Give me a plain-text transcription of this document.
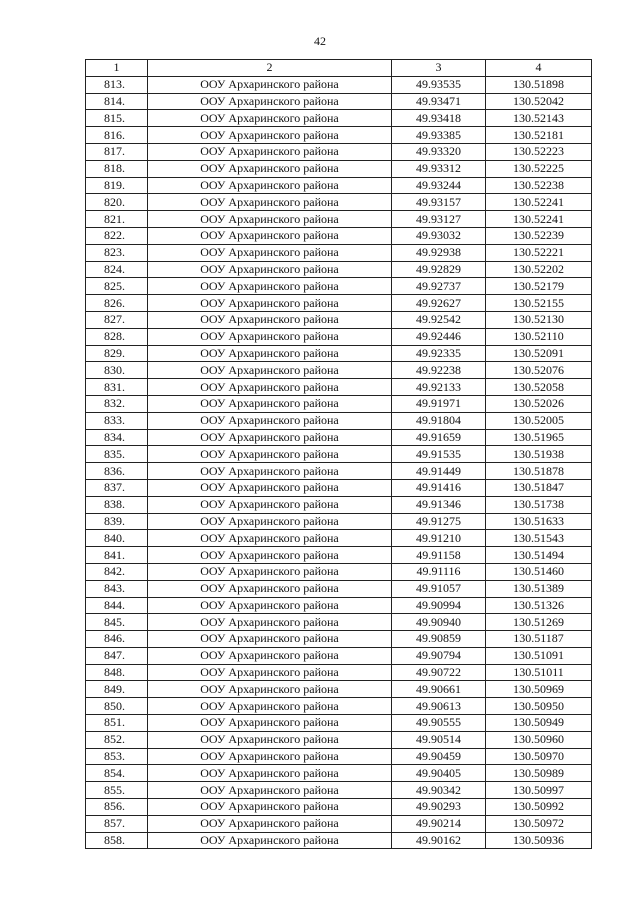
42
1	2	3	4
813.	ООУ Архаринского района	49.93535	130.51898
814.	ООУ Архаринского района	49.93471	130.52042
815.	ООУ Архаринского района	49.93418	130.52143
816.	ООУ Архаринского района	49.93385	130.52181
817.	ООУ Архаринского района	49.93320	130.52223
818.	ООУ Архаринского района	49.93312	130.52225
819.	ООУ Архаринского района	49.93244	130.52238
820.	ООУ Архаринского района	49.93157	130.52241
821.	ООУ Архаринского района	49.93127	130.52241
822.	ООУ Архаринского района	49.93032	130.52239
823.	ООУ Архаринского района	49.92938	130.52221
824.	ООУ Архаринского района	49.92829	130.52202
825.	ООУ Архаринского района	49.92737	130.52179
826.	ООУ Архаринского района	49.92627	130.52155
827.	ООУ Архаринского района	49.92542	130.52130
828.	ООУ Архаринского района	49.92446	130.52110
829.	ООУ Архаринского района	49.92335	130.52091
830.	ООУ Архаринского района	49.92238	130.52076
831.	ООУ Архаринского района	49.92133	130.52058
832.	ООУ Архаринского района	49.91971	130.52026
833.	ООУ Архаринского района	49.91804	130.52005
834.	ООУ Архаринского района	49.91659	130.51965
835.	ООУ Архаринского района	49.91535	130.51938
836.	ООУ Архаринского района	49.91449	130.51878
837.	ООУ Архаринского района	49.91416	130.51847
838.	ООУ Архаринского района	49.91346	130.51738
839.	ООУ Архаринского района	49.91275	130.51633
840.	ООУ Архаринского района	49.91210	130.51543
841.	ООУ Архаринского района	49.91158	130.51494
842.	ООУ Архаринского района	49.91116	130.51460
843.	ООУ Архаринского района	49.91057	130.51389
844.	ООУ Архаринского района	49.90994	130.51326
845.	ООУ Архаринского района	49.90940	130.51269
846.	ООУ Архаринского района	49.90859	130.51187
847.	ООУ Архаринского района	49.90794	130.51091
848.	ООУ Архаринского района	49.90722	130.51011
849.	ООУ Архаринского района	49.90661	130.50969
850.	ООУ Архаринского района	49.90613	130.50950
851.	ООУ Архаринского района	49.90555	130.50949
852.	ООУ Архаринского района	49.90514	130.50960
853.	ООУ Архаринского района	49.90459	130.50970
854.	ООУ Архаринского района	49.90405	130.50989
855.	ООУ Архаринского района	49.90342	130.50997
856.	ООУ Архаринского района	49.90293	130.50992
857.	ООУ Архаринского района	49.90214	130.50972
858.	ООУ Архаринского района	49.90162	130.50936
